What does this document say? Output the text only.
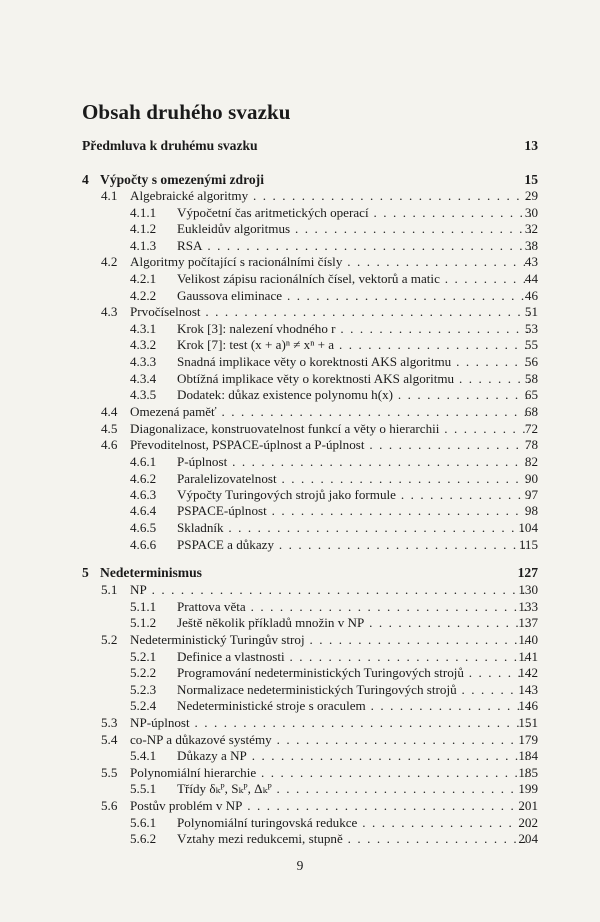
Obsah druhého svazku
Předmluva k druhému svazku	13
4 Výpočty s omezenými zdroji	15
4.1 Algebraické algoritmy . . .	29
4.1.1 Výpočetní čas aritmetických operací . . .	30
4.1.2 Eukleidův algoritmus . . .	32
4.1.3 RSA . . .	38
4.2 Algoritmy počítající s racionálními čísly . . .	43
4.2.1 Velikost zápisu racionálních čísel, vektorů a matic . . .	44
4.2.2 Gaussova eliminace . . .	46
4.3 Prvočíselnost . . .	51
4.3.1 Krok [3]: nalezení vhodného r . . .	53
4.3.2 Krok [7]: test (x + a)ⁿ ≠ xⁿ + a . . .	55
4.3.3 Snadná implikace věty o korektnosti AKS algoritmu . . .	56
4.3.4 Obtížná implikace věty o korektnosti AKS algoritmu . . .	58
4.3.5 Dodatek: důkaz existence polynomu h(x) . . .	65
4.4 Omezená paměť . . .	68
4.5 Diagonalizace, konstruovatelnost funkcí a věty o hierarchii . . .	72
4.6 Převoditelnost, PSPACE-úplnost a P-úplnost . . .	78
4.6.1 P-úplnost . . .	82
4.6.2 Paralelizovatelnost . . .	90
4.6.3 Výpočty Turingových strojů jako formule . . .	97
4.6.4 PSPACE-úplnost . . .	98
4.6.5 Skladník . . .	104
4.6.6 PSPACE a důkazy . . .	115
5 Nedeterminismus	127
5.1 NP . . .	130
5.1.1 Prattova věta . . .	133
5.1.2 Ještě několik příkladů množin v NP . . .	137
5.2 Nedeterministický Turingův stroj . . .	140
5.2.1 Definice a vlastnosti . . .	141
5.2.2 Programování nedeterministických Turingových strojů . . .	142
5.2.3 Normalizace nedeterministických Turingových strojů . . .	143
5.2.4 Nedeterministické stroje s oraculem . . .	146
5.3 NP-úplnost . . .	151
5.4 co-NP a důkazové systémy . . .	179
5.4.1 Důkazy a NP . . .	184
5.5 Polynomiální hierarchie . . .	185
5.5.1 Třídy δₖᴾ, Sₖᴾ, Δₖᴾ . . .	199
5.6 Postův problém v NP . . .	201
5.6.1 Polynomiální turingovská redukce . . .	202
5.6.2 Vztahy mezi redukcemi, stupně . . .	204
9
